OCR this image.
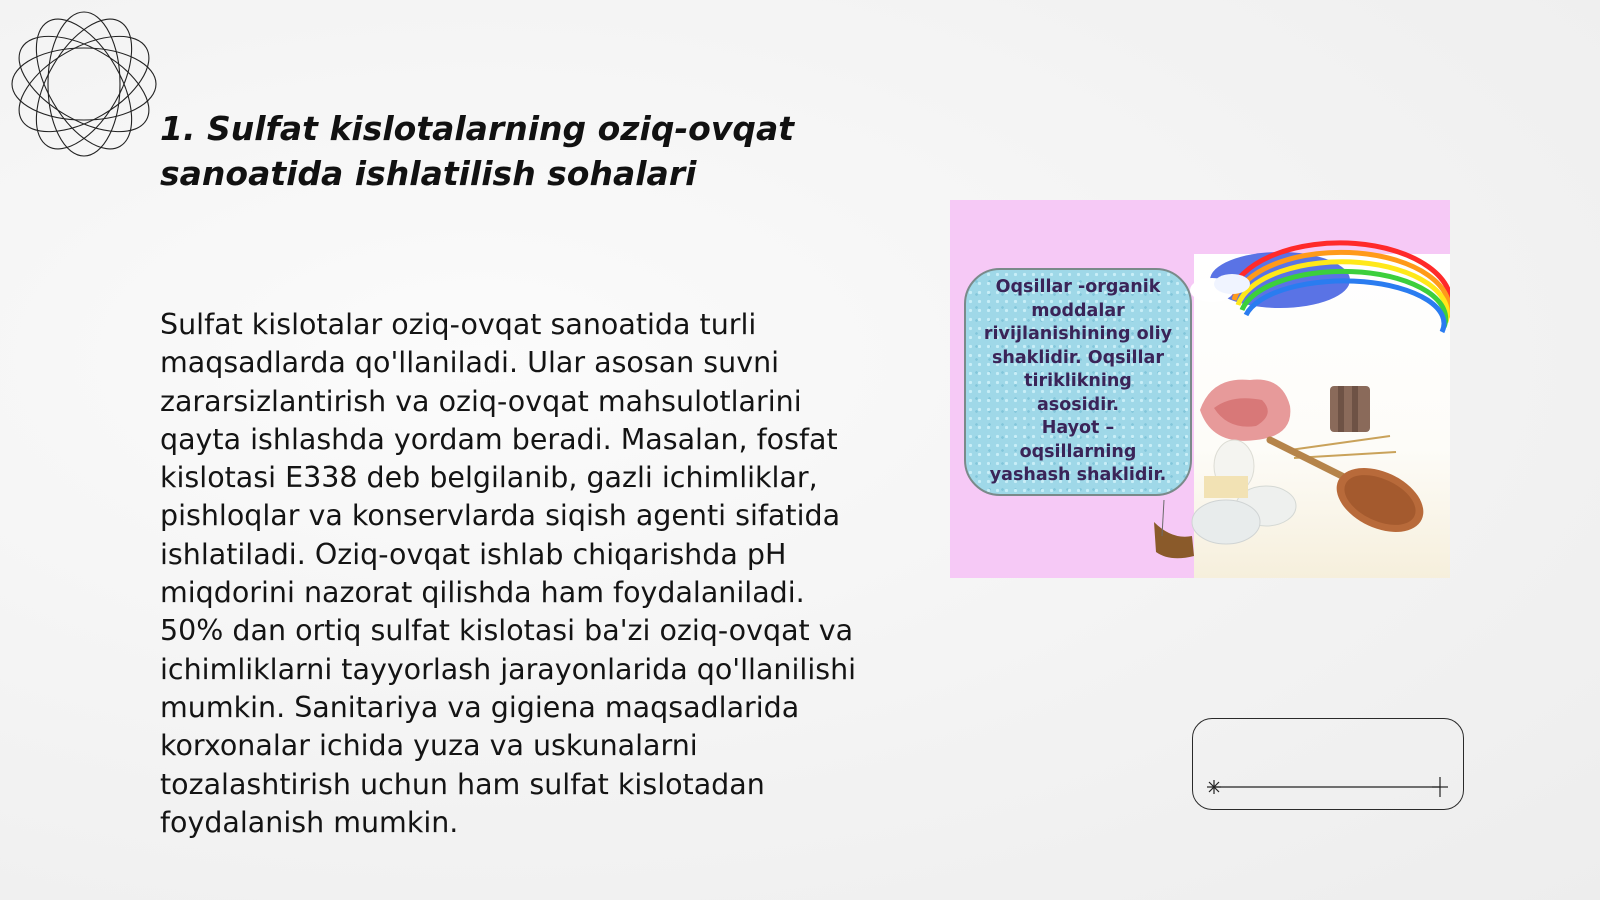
1. Sulfat kislotalarning oziq-ovqat sanoatida ishlatilish sohalari

Sulfat kislotalar oziq-ovqat sanoatida turli maqsadlarda qo'llaniladi. Ular asosan suvni zararsizlantirish va oziq-ovqat mahsulotlarini qayta ishlashda yordam beradi. Masalan, fosfat kislotasi E338 deb belgilanib, gazli ichimliklar, pishloqlar va konservlarda siqish agenti sifatida ishlatiladi. Oziq-ovqat ishlab chiqarishda pH miqdorini nazorat qilishda ham foydalaniladi. 50% dan ortiq sulfat kislotasi ba'zi oziq-ovqat va ichimliklarni tayyorlash jarayonlarida qo'llanilishi mumkin. Sanitariya va gigiena maqsadlarida korxonalar ichida yuza va uskunalarni tozalashtirish uchun ham sulfat kislotadan foydalanish mumkin.

Oqsillar -organik
moddalar
rivijlanishining oliy
shaklidir. Oqsillar
tiriklikning
asosidir.
Hayot –
oqsillarning
yashash shaklidir.
